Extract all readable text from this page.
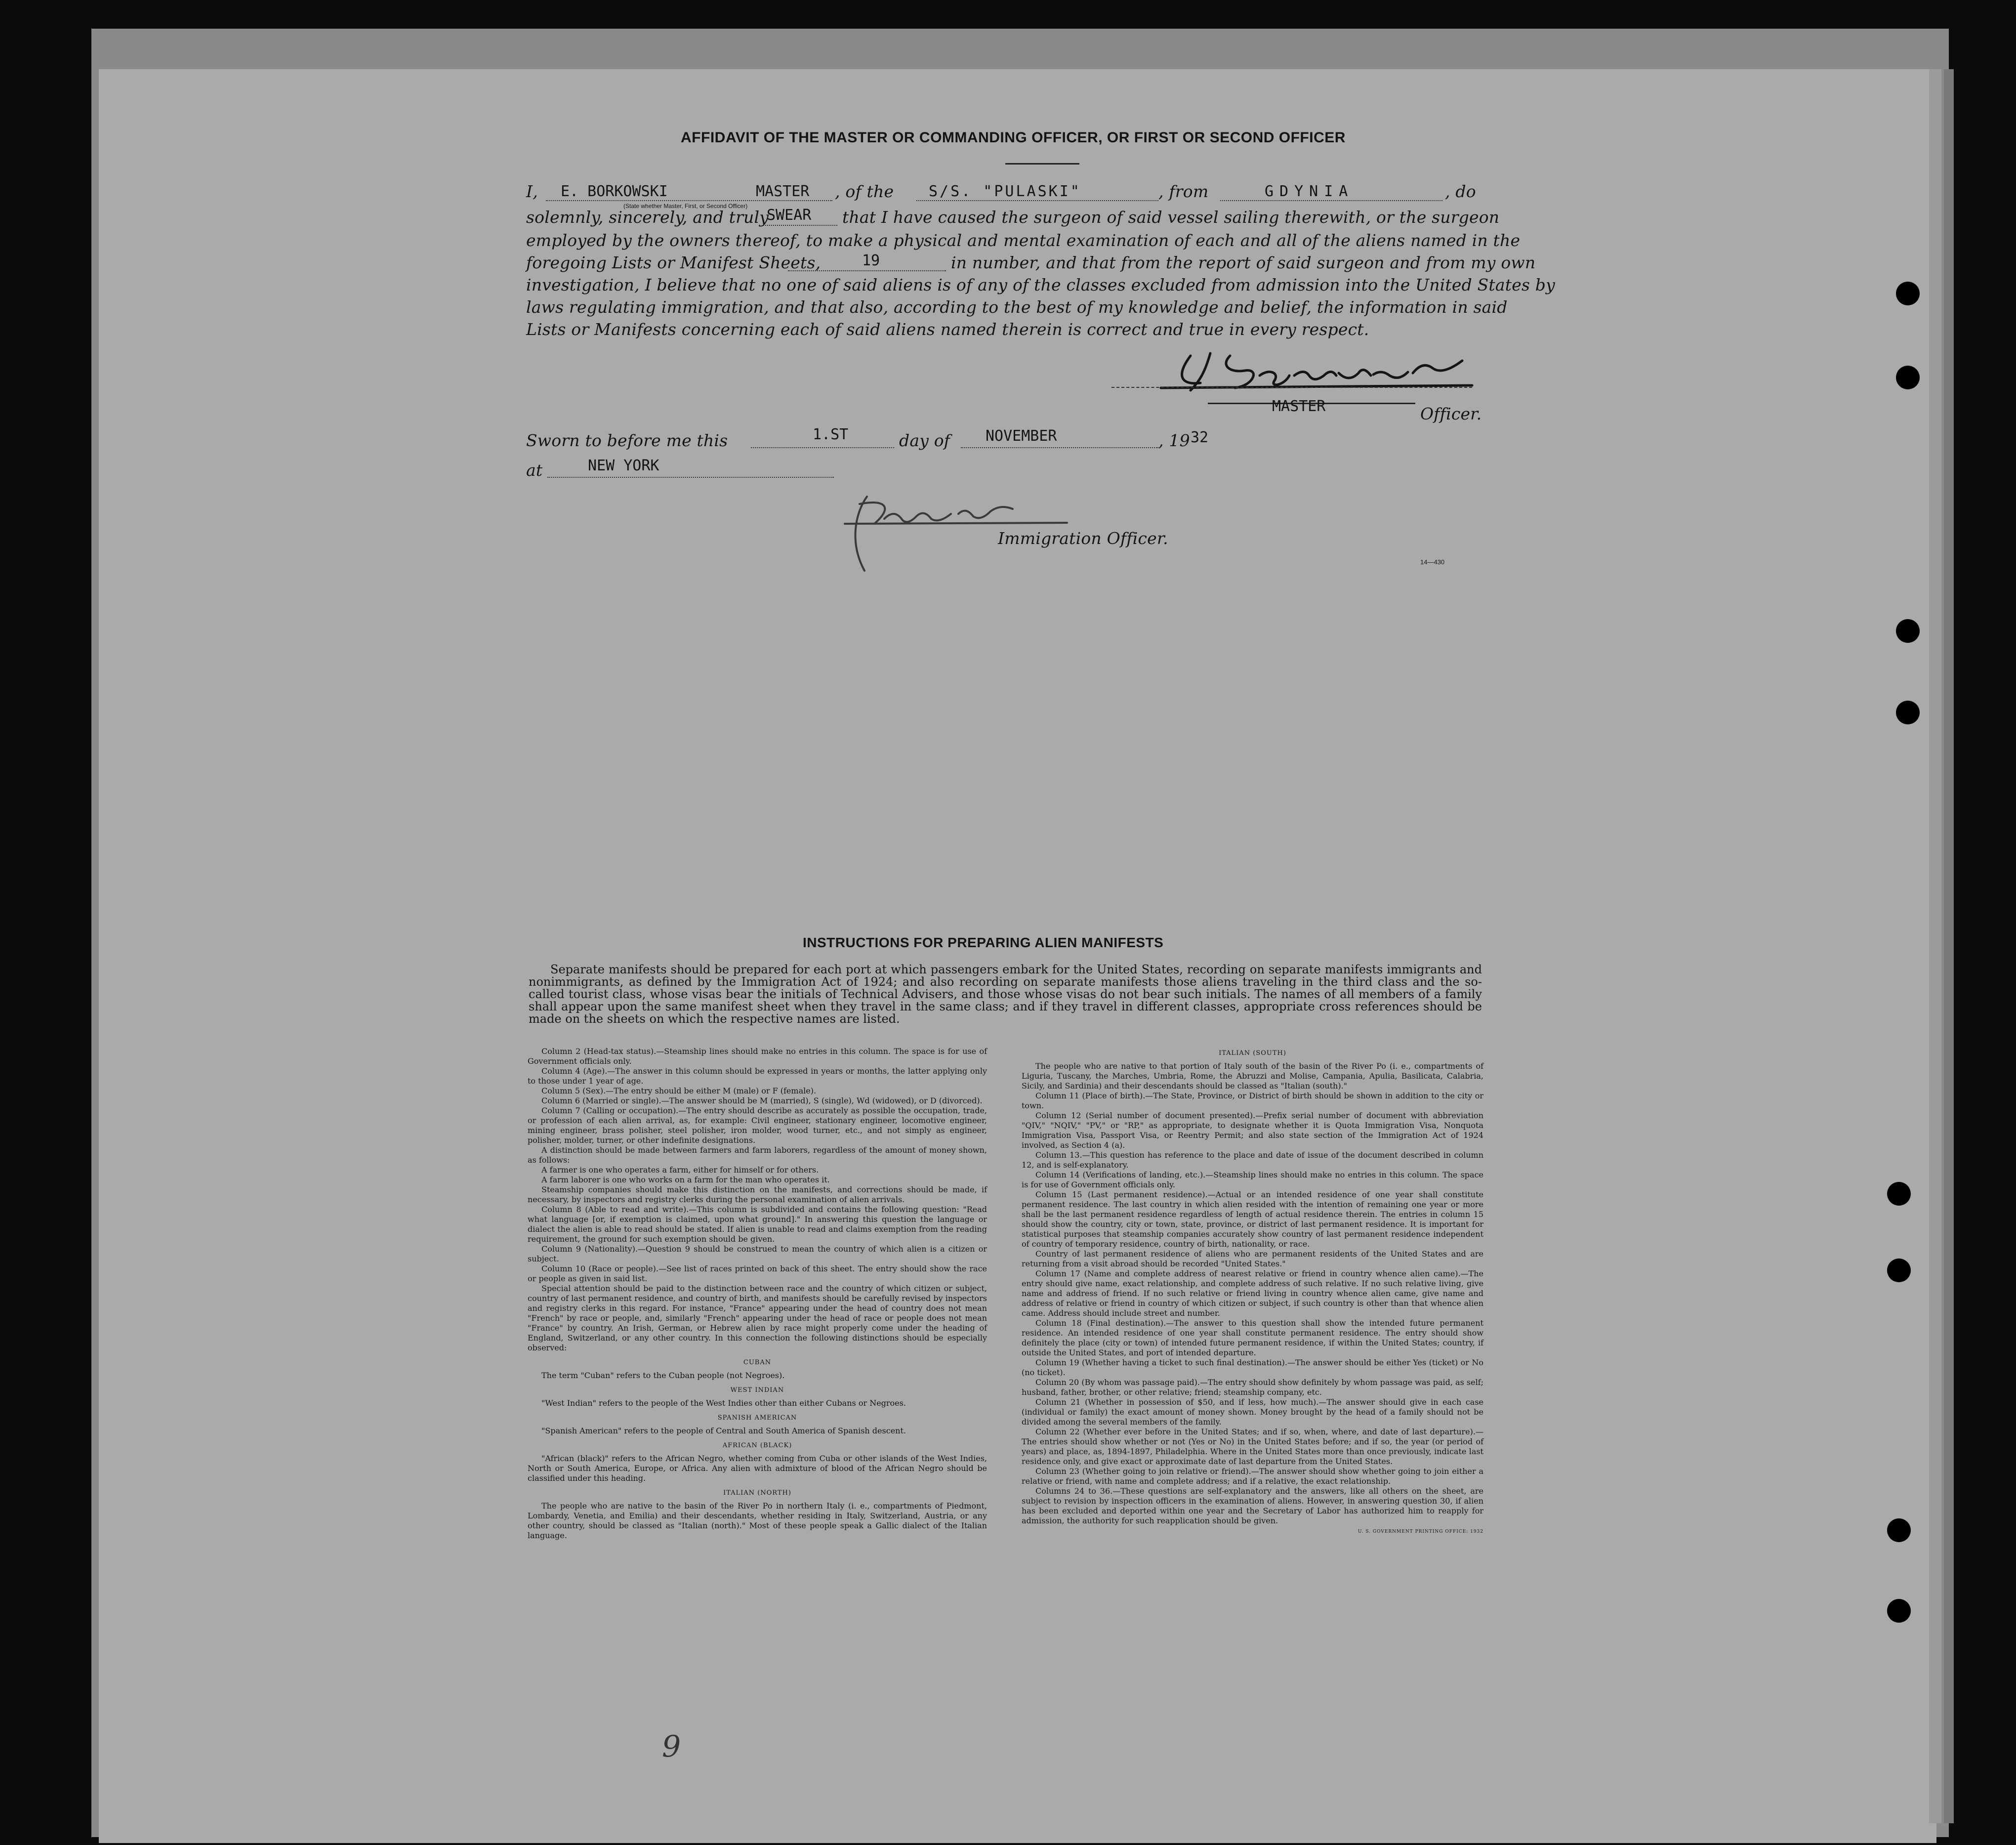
AFFIDAVIT OF THE MASTER OR COMMANDING OFFICER, OR FIRST OR SECOND OFFICER
I, E. BORKOWSKI	MASTER
(State whether Master, First, or Second Officer)
, of the S/S. "PULASKI"	, from	GDYNIA	, do
solemnly, sincerely, and truly
SWEAR that I have caused the surgeon of said vessel sailing therewith, or the surgeon
employed by the owners thereof, to make a physical and mental examination of each and all of the aliens named in the
foregoing Lists or Manifest Sheets,	19	in number, and that from the report of said surgeon and from my own
investigation, I believe that no one of said aliens is of any of the classes excluded from admission into the United States by
laws regulating immigration, and that also, according to the best of my knowledge and belief, the information in said
Lists or Manifests concerning each of said aliens named therein is correct and true in every respect.
MASTER	Officer.
Sworn to before me this	1.ST	day of NOVEMBER	, 19 32
at	NEW YORK
Immigration Officer.
14—430
INSTRUCTIONS FOR PREPARING ALIEN MANIFESTS

Separate manifests should be prepared for each port at which passengers embark for the United States, recording on separate manifests immigrants and nonimmigrants, as defined by the Immigration Act of 1924; and also recording on separate manifests those aliens traveling in the third class and the so-called tourist class, whose visas bear the initials of Technical Advisers, and those whose visas do not bear such initials. The names of all members of a family shall appear upon the same manifest sheet when they travel in the same class; and if they travel in different classes, appropriate cross references should be made on the sheets on which the respective names are listed.

Column 2 (Head-tax status).—Steamship lines should make no entries in this column. The space is for use of Government officials only.

Column 4 (Age).—The answer in this column should be expressed in years or months, the latter applying only to those under 1 year of age.

Column 5 (Sex).—The entry should be either M (male) or F (female).

Column 6 (Married or single).—The answer should be M (married), S (single), Wd (widowed), or D (divorced).

Column 7 (Calling or occupation).—The entry should describe as accurately as possible the occupation, trade, or profession of each alien arrival, as, for example: Civil engineer, stationary engineer, locomotive engineer, mining engineer, brass polisher, steel polisher, iron molder, wood turner, etc., and not simply as engineer, polisher, molder, turner, or other indefinite designations.

A distinction should be made between farmers and farm laborers, regardless of the amount of money shown, as follows:

A farmer is one who operates a farm, either for himself or for others.

A farm laborer is one who works on a farm for the man who operates it.

Steamship companies should make this distinction on the manifests, and corrections should be made, if necessary, by inspectors and registry clerks during the personal examination of alien arrivals.

Column 8 (Able to read and write).—This column is subdivided and contains the following question: "Read what language [or, if exemption is claimed, upon what ground]." In answering this question the language or dialect the alien is able to read should be stated. If alien is unable to read and claims exemption from the reading requirement, the ground for such exemption should be given.

Column 9 (Nationality).—Question 9 should be construed to mean the country of which alien is a citizen or subject.

Column 10 (Race or people).—See list of races printed on back of this sheet. The entry should show the race or people as given in said list.

Special attention should be paid to the distinction between race and the country of which citizen or subject, country of last permanent residence, and country of birth, and manifests should be carefully revised by inspectors and registry clerks in this regard. For instance, "France" appearing under the head of country does not mean "French" by race or people, and, similarly "French" appearing under the head of race or people does not mean "France" by country. An Irish, German, or Hebrew alien by race might properly come under the heading of England, Switzerland, or any other country. In this connection the following distinctions should be especially observed:

CUBAN

The term "Cuban" refers to the Cuban people (not Negroes).

WEST INDIAN

"West Indian" refers to the people of the West Indies other than either Cubans or Negroes.

SPANISH AMERICAN

"Spanish American" refers to the people of Central and South America of Spanish descent.

AFRICAN (BLACK)

"African (black)" refers to the African Negro, whether coming from Cuba or other islands of the West Indies, North or South America, Europe, or Africa. Any alien with admixture of blood of the African Negro should be classified under this heading.

ITALIAN (NORTH)

The people who are native to the basin of the River Po in northern Italy (i. e., compartments of Piedmont, Lombardy, Venetia, and Emilia) and their descendants, whether residing in Italy, Switzerland, Austria, or any other country, should be classed as "Italian (north)." Most of these people speak a Gallic dialect of the Italian language.

ITALIAN (SOUTH)

The people who are native to that portion of Italy south of the basin of the River Po (i. e., compartments of Liguria, Tuscany, the Marches, Umbria, Rome, the Abruzzi and Molise, Campania, Apulia, Basilicata, Calabria, Sicily, and Sardinia) and their descendants should be classed as "Italian (south)."

Column 11 (Place of birth).—The State, Province, or District of birth should be shown in addition to the city or town.

Column 12 (Serial number of document presented).—Prefix serial number of document with abbreviation "QIV," "NQIV," "PV," or "RP," as appropriate, to designate whether it is Quota Immigration Visa, Nonquota Immigration Visa, Passport Visa, or Reentry Permit; and also state section of the Immigration Act of 1924 involved, as Section 4 (a).

Column 13.—This question has reference to the place and date of issue of the document described in column 12, and is self-explanatory.

Column 14 (Verifications of landing, etc.).—Steamship lines should make no entries in this column. The space is for use of Government officials only.

Column 15 (Last permanent residence).—Actual or an intended residence of one year shall constitute permanent residence. The last country in which alien resided with the intention of remaining one year or more shall be the last permanent residence regardless of length of actual residence therein. The entries in column 15 should show the country, city or town, state, province, or district of last permanent residence. It is important for statistical purposes that steamship companies accurately show country of last permanent residence independent of country of temporary residence, country of birth, nationality, or race.

Country of last permanent residence of aliens who are permanent residents of the United States and are returning from a visit abroad should be recorded "United States."

Column 17 (Name and complete address of nearest relative or friend in country whence alien came).—The entry should give name, exact relationship, and complete address of such relative. If no such relative living, give name and address of friend. If no such relative or friend living in country whence alien came, give name and address of relative or friend in country of which citizen or subject, if such country is other than that whence alien came. Address should include street and number.

Column 18 (Final destination).—The answer to this question shall show the intended future permanent residence. An intended residence of one year shall constitute permanent residence. The entry should show definitely the place (city or town) of intended future permanent residence, if within the United States; country, if outside the United States, and port of intended departure.

Column 19 (Whether having a ticket to such final destination).—The answer should be either Yes (ticket) or No (no ticket).

Column 20 (By whom was passage paid).—The entry should show definitely by whom passage was paid, as self; husband, father, brother, or other relative; friend; steamship company, etc.

Column 21 (Whether in possession of $50, and if less, how much).—The answer should give in each case (individual or family) the exact amount of money shown. Money brought by the head of a family should not be divided among the several members of the family.

Column 22 (Whether ever before in the United States; and if so, when, where, and date of last departure).—The entries should show whether or not (Yes or No) in the United States before; and if so, the year (or period of years) and place, as, 1894-1897, Philadelphia. Where in the United States more than once previously, indicate last residence only, and give exact or approximate date of last departure from the United States.

Column 23 (Whether going to join relative or friend).—The answer should show whether going to join either a relative or friend, with name and complete address; and if a relative, the exact relationship.

Columns 24 to 36.—These questions are self-explanatory and the answers, like all others on the sheet, are subject to revision by inspection officers in the examination of aliens. However, in answering question 30, if alien has been excluded and deported within one year and the Secretary of Labor has authorized him to reapply for admission, the authority for such reapplication should be given.

U. S. GOVERNMENT PRINTING OFFICE: 1932

9
